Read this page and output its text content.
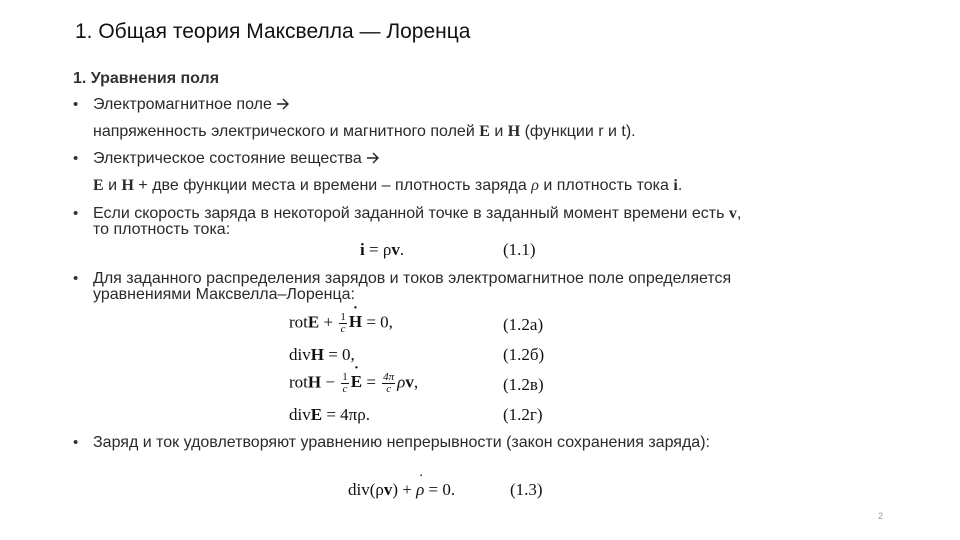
1. Общая теория Максвелла — Лоренца
1. Уравнения поля
• Электромагнитное поле
напряженность электрического и магнитного полей E и H (функции r и t).
• Электрическое состояние вещества
E и H + две функции места и времени – плотность заряда ρ и плотность тока i.
• Если скорость заряда в некоторой заданной точке в заданный момент времени есть v,
то плотность тока:
i = ρv.	(1.1)
• Для заданного распределения зарядов и токов электромагнитное поле определяется
уравнениями Максвелла–Лоренца:
rotE + $\frac{1}{c}$ ˙ H = 0,	(1.2а)
divH = 0,	(1.2б)
rotH − $\frac{1}{c}$ ˙ $E = \frac{4\pi}{c} \rho v$,	(1.2в)
divE = 4πρ.	(1.2г)
• Заряд и ток удовлетворяют уравнению непрерывности (закон сохранения заряда):
div(ρv) + ˙ ρ = 0.	(1.3)
2
